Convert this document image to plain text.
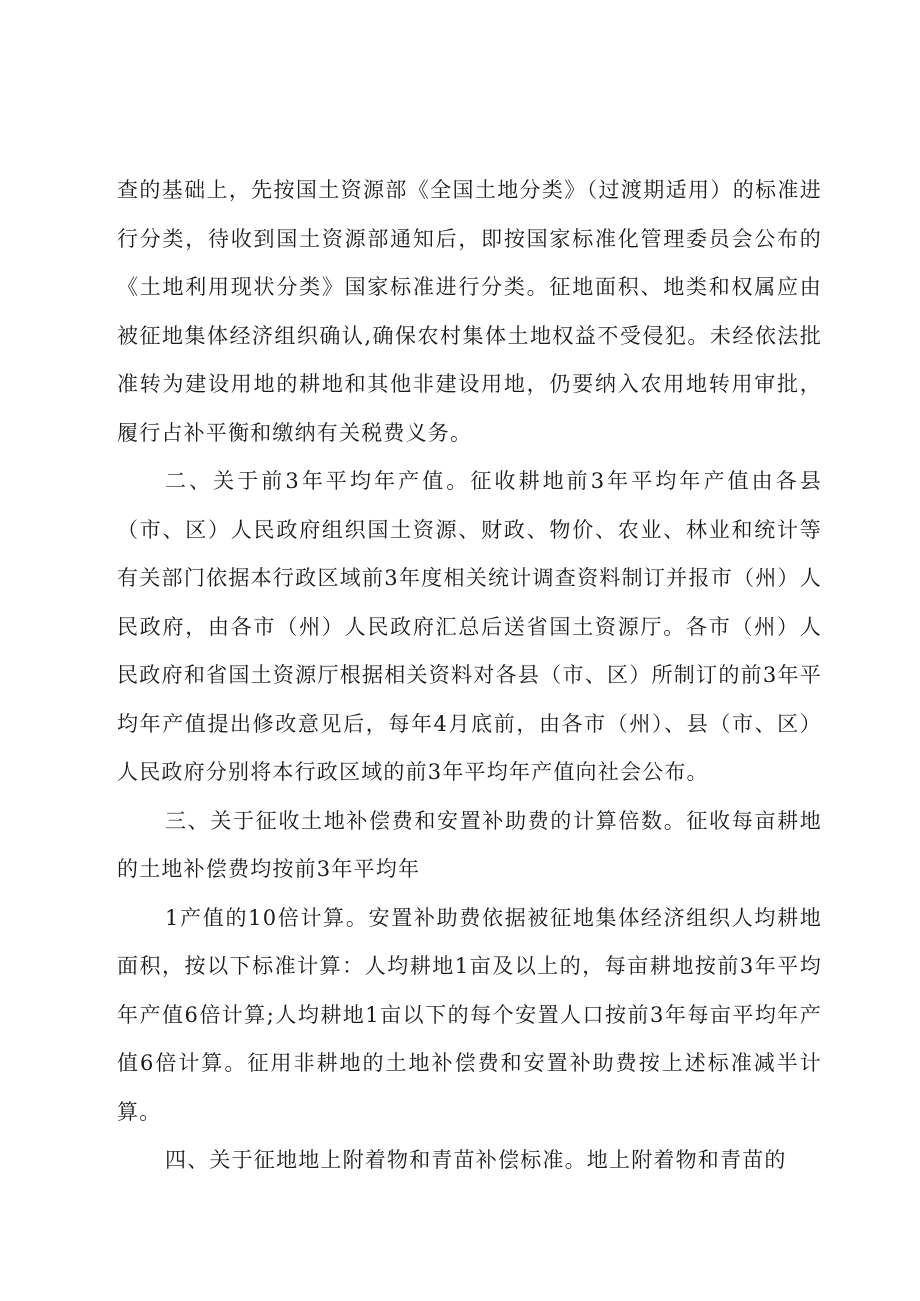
查的基础上，先按国土资源部《全国土地分类》（过渡期适用）的标准进行分类，待收到国土资源部通知后，即按国家标准化管理委员会公布的《土地利用现状分类》国家标准进行分类。征地面积、地类和权属应由被征地集体经济组织确认,确保农村集体土地权益不受侵犯。未经依法批准转为建设用地的耕地和其他非建设用地，仍要纳入农用地转用审批，履行占补平衡和缴纳有关税费义务。

二、关于前3年平均年产值。征收耕地前3年平均年产值由各县（市、区）人民政府组织国土资源、财政、物价、农业、林业和统计等有关部门依据本行政区域前3年度相关统计调查资料制订并报市（州）人民政府，由各市（州）人民政府汇总后送省国土资源厅。各市（州）人民政府和省国土资源厅根据相关资料对各县（市、区）所制订的前3年平均年产值提出修改意见后，每年4月底前，由各市（州）、县（市、区）人民政府分别将本行政区域的前3年平均年产值向社会公布。

三、关于征收土地补偿费和安置补助费的计算倍数。征收每亩耕地的土地补偿费均按前3年平均年

1产值的10倍计算。安置补助费依据被征地集体经济组织人均耕地面积，按以下标准计算：人均耕地1亩及以上的，每亩耕地按前3年平均年产值6倍计算;人均耕地1亩以下的每个安置人口按前3年每亩平均年产值6倍计算。征用非耕地的土地补偿费和安置补助费按上述标准减半计算。

四、关于征地地上附着物和青苗补偿标准。地上附着物和青苗的
